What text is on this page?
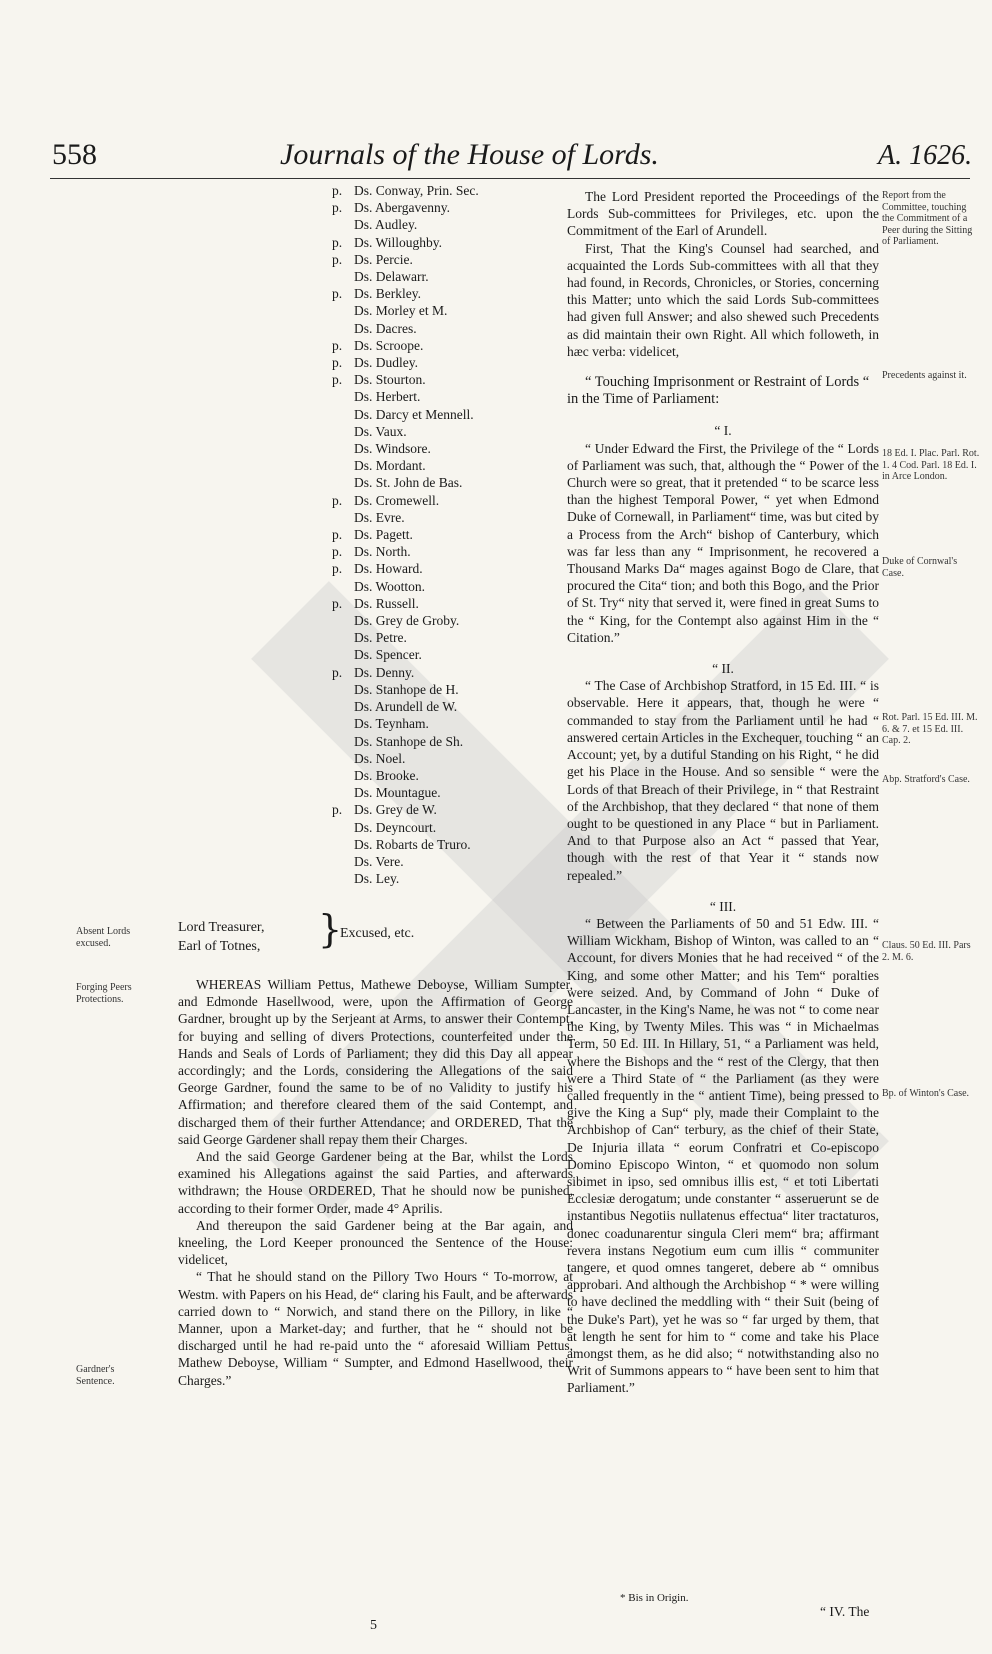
558	Journals of the House of Lords.	A. 1626.
p. Ds. Conway, Prin. Sec.
p. Ds. Abergavenny.
Ds. Audley.
p. Ds. Willoughby.
p. Ds. Percie.
Ds. Delawarr.
p. Ds. Berkley.
Ds. Morley et M.
Ds. Dacres.
p. Ds. Scroope.
p. Ds. Dudley.
p. Ds. Stourton.
Ds. Herbert.
Ds. Darcy et Mennell.
Ds. Vaux.
Ds. Windsore.
Ds. Mordant.
Ds. St. John de Bas.
p. Ds. Cromewell.
Ds. Evre.
p. Ds. Pagett.
p. Ds. North.
p. Ds. Howard.
Ds. Wootton.
p. Ds. Russell.
Ds. Grey de Groby.
Ds. Petre.
Ds. Spencer.
p. Ds. Denny.
Ds. Stanhope de H.
Ds. Arundell de W.
Ds. Teynham.
Ds. Stanhope de Sh.
Ds. Noel.
Ds. Brooke.
Ds. Mountague.
p. Ds. Grey de W.
Ds. Deyncourt.
Ds. Robarts de Truro.
Ds. Vere.
Ds. Ley.
Absent Lords excused.
Lord Treasurer,
Earl of Totnes, }
Excused, etc.
Forging Peers Protections.
Gardner's Sentence.

WHEREAS William Pettus, Mathewe Deboyse, William Sumpter, and Edmonde Hasellwood, were, upon the Affirmation of George Gardner, brought up by the Serjeant at Arms, to answer their Contempt, for buying and selling of divers Protections, counterfeited under the Hands and Seals of Lords of Parliament; they did this Day all appear accordingly; and the Lords, considering the Allegations of the said George Gardner, found the same to be of no Validity to justify his Affirmation; and therefore cleared them of the said Contempt, and discharged them of their further Attendance; and ORDERED, That the said George Gardener shall repay them their Charges.

And the said George Gardener being at the Bar, whilst the Lords examined his Allegations against the said Parties, and afterwards withdrawn; the House ORDERED, That he should now be punished, according to their former Order, made 4° Aprilis.

And thereupon the said Gardener being at the Bar again, and kneeling, the Lord Keeper pronounced the Sentence of the House: videlicet,

“ That he should stand on the Pillory Two Hours “ To-morrow, at Westm. with Papers on his Head, de“ claring his Fault, and be afterwards carried down to “ Norwich, and stand there on the Pillory, in like “ Manner, upon a Market-day; and further, that he “ should not be discharged until he had re-paid unto the “ aforesaid William Pettus, Mathew Deboyse, William “ Sumpter, and Edmond Hasellwood, their Charges.”

5
Report from the Committee, touching the Commitment of a Peer during the Sitting of Parliament.
Precedents against it.
18 Ed. I. Plac. Parl. Rot. 1. 4 Cod. Parl. 18 Ed. I. in Arce London.
Duke of Cornwal's Case.
Rot. Parl. 15 Ed. III. M. 6. & 7. et 15 Ed. III. Cap. 2.
Abp. Stratford's Case.
Claus. 50 Ed. III. Pars 2. M. 6.
Bp. of Winton's Case.

The Lord President reported the Proceedings of the Lords Sub-committees for Privileges, etc. upon the Commitment of the Earl of Arundell.

First, That the King's Counsel had searched, and acquainted the Lords Sub-committees with all that they had found, in Records, Chronicles, or Stories, concerning this Matter; unto which the said Lords Sub-committees had given full Answer; and also shewed such Precedents as did maintain their own Right. All which followeth, in hæc verba: videlicet,

“ Touching Imprisonment or Restraint of Lords “ in the Time of Parliament:

“ I.

“ Under Edward the First, the Privilege of the “ Lords of Parliament was such, that, although the “ Power of the Church were so great, that it pretended “ to be scarce less than the highest Temporal Power, “ yet when Edmond Duke of Cornewall, in Parliament“ time, was but cited by a Process from the Arch“ bishop of Canterbury, which was far less than any “ Imprisonment, he recovered a Thousand Marks Da“ mages against Bogo de Clare, that procured the Cita“ tion; and both this Bogo, and the Prior of St. Try“ nity that served it, were fined in great Sums to the “ King, for the Contempt also against Him in the “ Citation.”

“ II.

“ The Case of Archbishop Stratford, in 15 Ed. III. “ is observable. Here it appears, that, though he were “ commanded to stay from the Parliament until he had “ answered certain Articles in the Exchequer, touching “ an Account; yet, by a dutiful Standing on his Right, “ he did get his Place in the House. And so sensible “ were the Lords of that Breach of their Privilege, in “ that Restraint of the Archbishop, that they declared “ that none of them ought to be questioned in any Place “ but in Parliament. And to that Purpose also an Act “ passed that Year, though with the rest of that Year it “ stands now repealed.”

“ III.

“ Between the Parliaments of 50 and 51 Edw. III. “ William Wickham, Bishop of Winton, was called to an “ Account, for divers Monies that he had received “ of the King, and some other Matter; and his Tem“ poralties were seized. And, by Command of John “ Duke of Lancaster, in the King's Name, he was not “ to come near the King, by Twenty Miles. This was “ in Michaelmas Term, 50 Ed. III. In Hillary, 51, “ a Parliament was held, where the Bishops and the “ rest of the Clergy, that then were a Third State of “ the Parliament (as they were called frequently in the “ antient Time), being pressed to give the King a Sup“ ply, made their Complaint to the Archbishop of Can“ terbury, as the chief of their State, De Injuria illata “ eorum Confratri et Co-episcopo Domino Episcopo Winton, “ et quomodo non solum sibimet in ipso, sed omnibus illis est, “ et toti Libertati Ecclesiæ derogatum; unde constanter “ asseruerunt se de instantibus Negotiis nullatenus effectua“ liter tractaturos, donec coadunarentur singula Cleri mem“ bra; affirmant revera instans Negotium eum cum illis “ communiter tangere, et quod omnes tangeret, debere ab “ omnibus approbari. And although the Archbishop “ * were willing to have declined the meddling with “ their Suit (being of the Duke's Part), yet he was so “ far urged by them, that at length he sent for him to “ come and take his Place amongst them, as he did also; “ notwithstanding also no Writ of Summons appears to “ have been sent to him that Parliament.”

* Bis in Origin.
“ IV. The
